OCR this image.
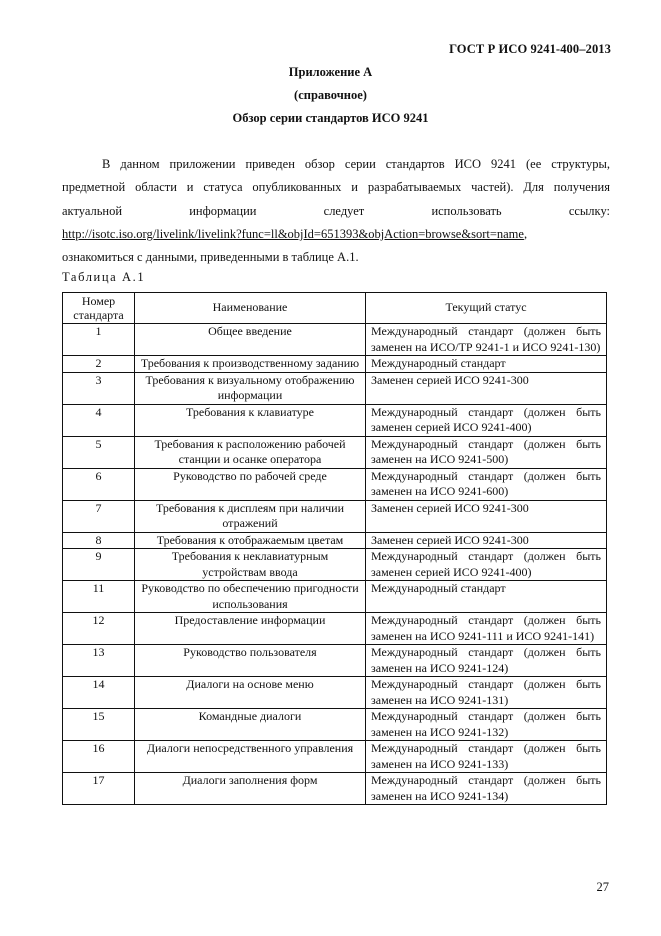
ГОСТ Р ИСО 9241-400–2013
Приложение А
(справочное)
Обзор серии стандартов ИСО 9241
В данном приложении приведен обзор серии стандартов ИСО 9241 (ее структуры,
предметной области и статуса опубликованных и разрабатываемых частей). Для получения
актуальной информации следует использовать ссылку:
http://isotc.iso.org/livelink/livelink?func=ll&objId=651393&objAction=browse&sort=name,
ознакомиться с данными, приведенными в таблице А.1.
Таблица А.1
Номер стандарта	Наименование	Текущий статус
1	Общее введение	Международный стандарт (должен быть заменен на ИСО/ТР 9241-1 и ИСО 9241-130)
2	Требования к производственному заданию	Международный стандарт
3	Требования к визуальному отображению информации	Заменен серией ИСО 9241-300
4	Требования к клавиатуре	Международный стандарт (должен быть заменен серией ИСО 9241-400)
5	Требования к расположению рабочей станции и осанке оператора	Международный стандарт (должен быть заменен на ИСО 9241-500)
6	Руководство по рабочей среде	Международный стандарт (должен быть заменен на ИСО 9241-600)
7	Требования к дисплеям при наличии отражений	Заменен серией ИСО 9241-300
8	Требования к отображаемым цветам	Заменен серией ИСО 9241-300
9	Требования к неклавиатурным устройствам ввода	Международный стандарт (должен быть заменен серией ИСО 9241-400)
11	Руководство по обеспечению пригодности использования	Международный стандарт
12	Предоставление информации	Международный стандарт (должен быть заменен на ИСО 9241-111 и ИСО 9241-141)
13	Руководство пользователя	Международный стандарт (должен быть заменен на ИСО 9241-124)
14	Диалоги на основе меню	Международный стандарт (должен быть заменен на ИСО 9241-131)
15	Командные диалоги	Международный стандарт (должен быть заменен на ИСО 9241-132)
16	Диалоги непосредственного управления	Международный стандарт (должен быть заменен на ИСО 9241-133)
17	Диалоги заполнения форм	Международный стандарт (должен быть заменен на ИСО 9241-134)
27
